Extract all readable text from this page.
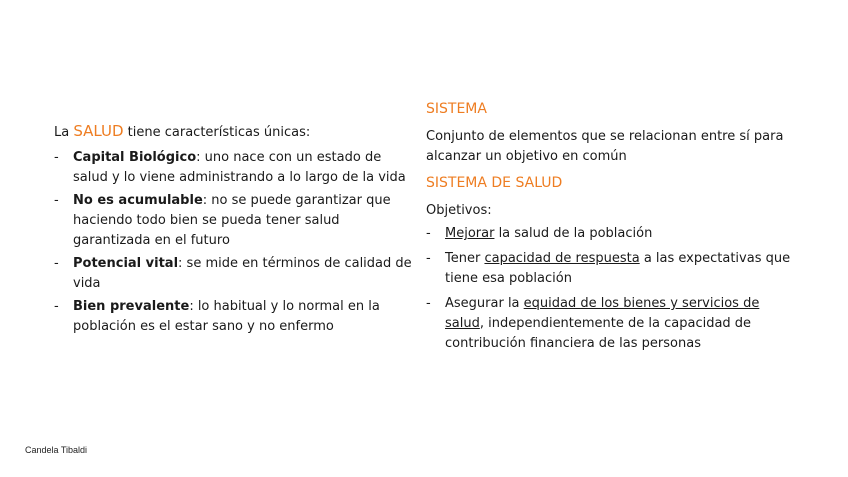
La SALUD tiene características únicas:

- Capital Biológico: uno nace con un estado de salud y lo viene administrando a lo largo de la vida
- No es acumulable: no se puede garantizar que haciendo todo bien se pueda tener salud garantizada en el futuro
- Potencial vital: se mide en términos de calidad de vida
- Bien prevalente: lo habitual y lo normal en la población es el estar sano y no enfermo

SISTEMA

Conjunto de elementos que se relacionan entre sí para alcanzar un objetivo en común

SISTEMA DE SALUD

Objetivos:

- Mejorar la salud de la población
- Tener capacidad de respuesta a las expectativas que tiene esa población
- Asegurar la equidad de los bienes y servicios de salud, independientemente de la capacidad de contribución financiera de las personas
Candela Tibaldi
